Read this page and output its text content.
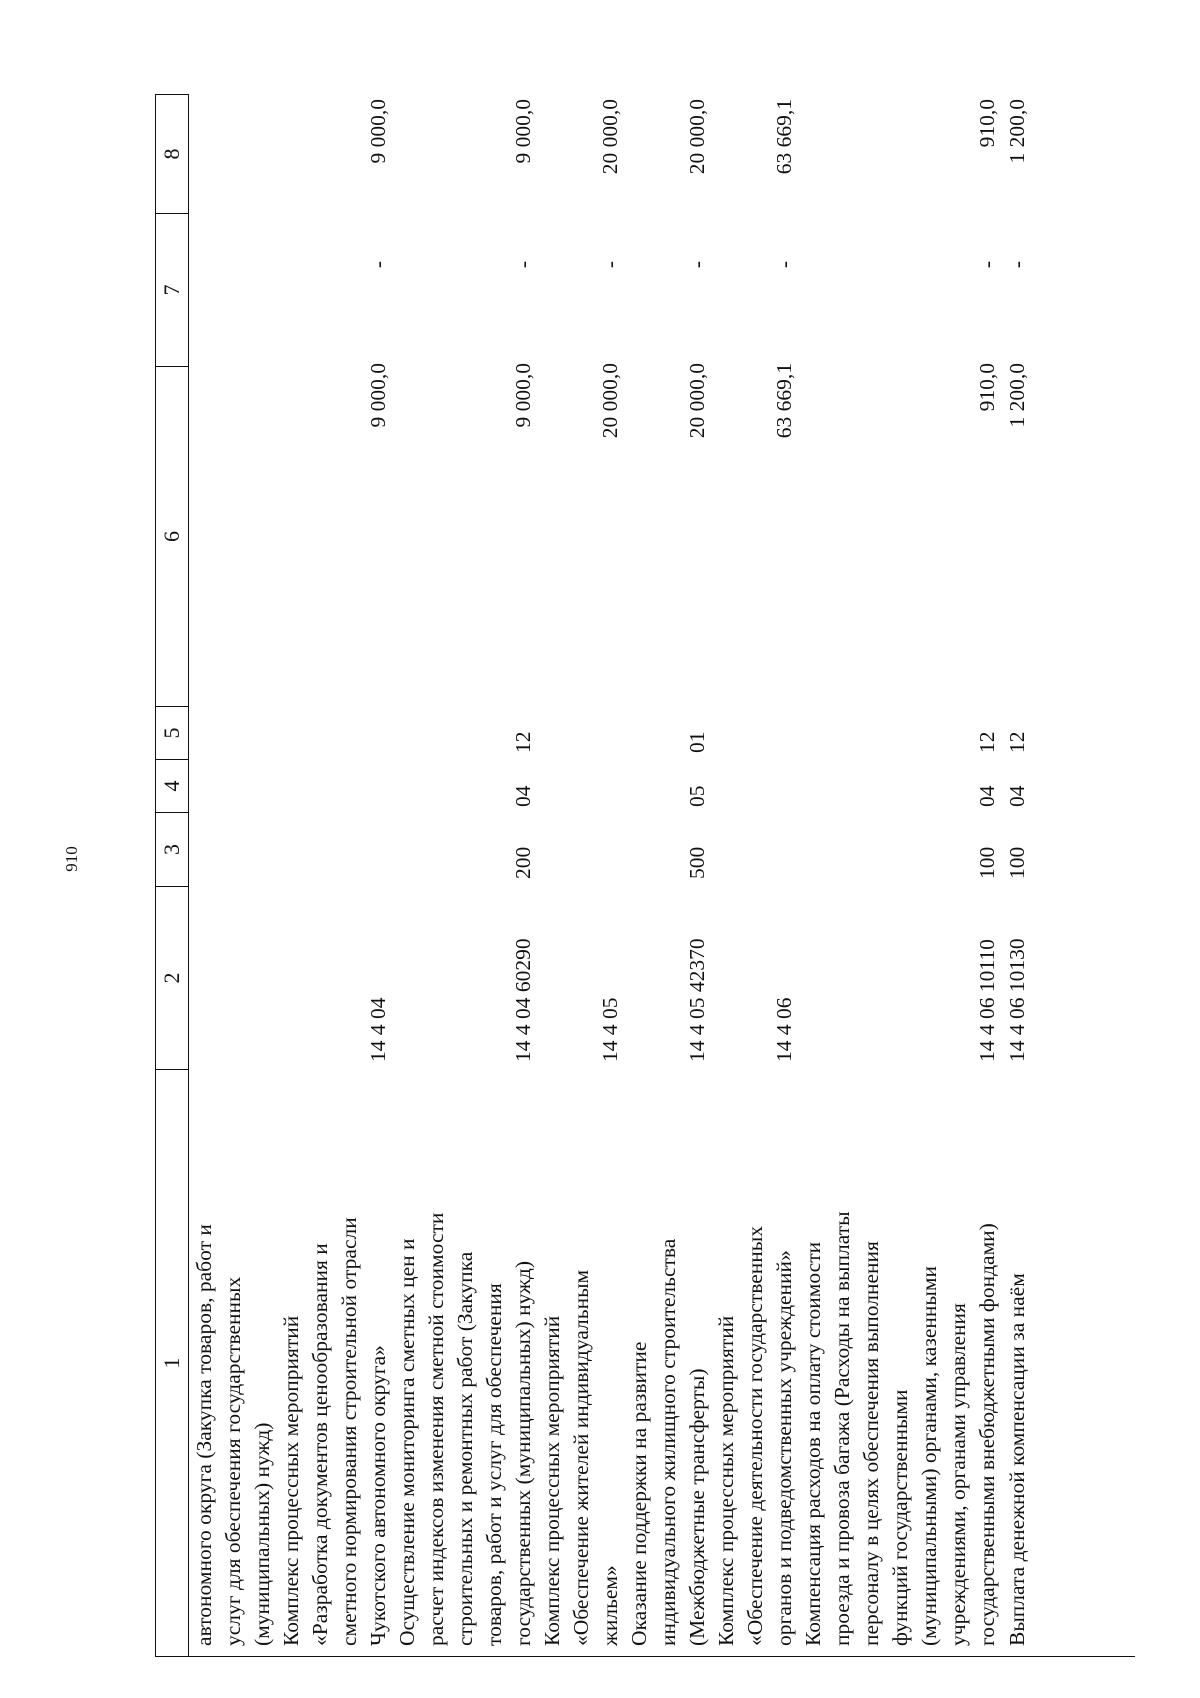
910
1
2
3
4
5
6
7
8
автономного округа (Закупка товаров, работ и услуг для обеспечения государственных (муниципальных) нужд) Комплекс процессных мероприятий «Разработка документов ценообразования и сметного нормирования строительной отрасли Чукотского автономного округа»
14 4 04
9 000,0
-
9 000,0
Осуществление мониторинга сметных цен и расчет индексов изменения сметной стоимости строительных и ремонтных работ (Закупка товаров, работ и услуг для обеспечения государственных (муниципальных) нужд)
14 4 04 60290
200
04
12
9 000,0
-
9 000,0
Комплекс процессных мероприятий «Обеспечение жителей индивидуальным жильем»
14 4 05
20 000,0
-
20 000,0
Оказание поддержки на развитие индивидуального жилищного строительства (Межбюджетные трансферты)
14 4 05 42370
500
05
01
20 000,0
-
20 000,0
Комплекс процессных мероприятий «Обеспечение деятельности государственных органов и подведомственных учреждений»
14 4 06
63 669,1
-
63 669,1
Компенсация расходов на оплату стоимости проезда и провоза багажа (Расходы на выплаты персоналу в целях обеспечения выполнения функций государственными (муниципальными) органами, казенными учреждениями, органами управления государственными внебюджетными фондами)
14 4 06 10110
100
04
12
910,0
-
910,0
Выплата денежной компенсации за наём
14 4 06 10130
100
04
12
1 200,0
-
1 200,0
